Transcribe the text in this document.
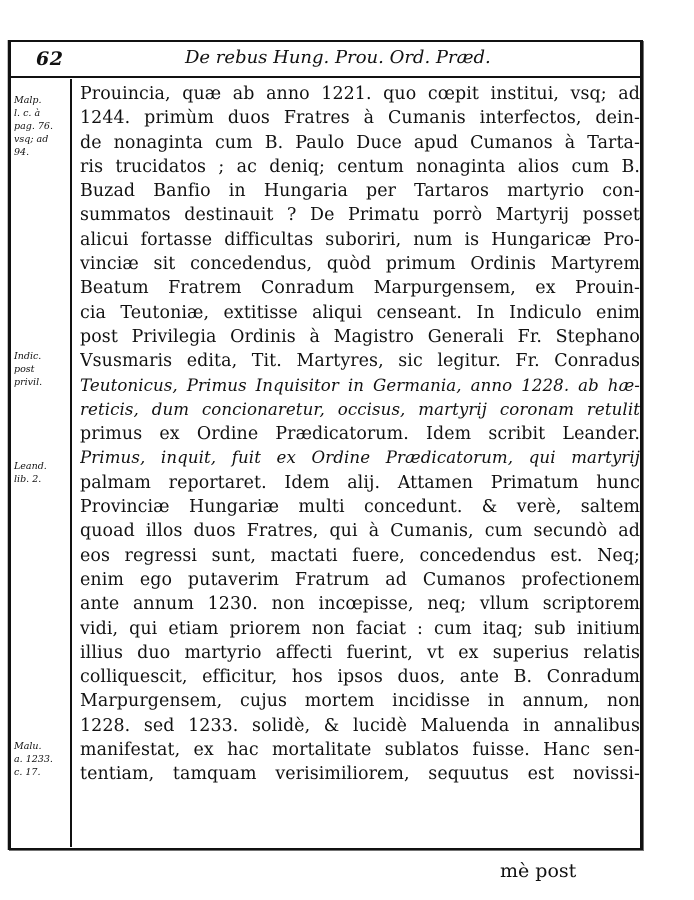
62	De rebus Hung. Prou. Ord. Præd.
Malp.
l. c. à
pag. 76.
vsq; ad
94.
Indic.
post
privil.
Leand.
lib. 2.
Malu.
a. 1233.
c. 17.
Prouincia, quæ ab anno 1221. quo cœpit institui, vsq; ad
1244. primùm duos Fratres à Cumanis interfectos, dein-
de nonaginta cum B. Paulo Duce apud Cumanos à Tarta-
ris trucidatos ; ac deniq; centum nonaginta alios cum B.
Buzad Banfio in Hungaria per Tartaros martyrio con-
summatos destinauit ? De Primatu porrò Martyrij posset
alicui fortasse difficultas suboriri, num is Hungaricæ Pro-
vinciæ sit concedendus, quòd primum Ordinis Martyrem
Beatum Fratrem Conradum Marpurgensem, ex Prouin-
cia Teutoniæ, extitisse aliqui censeant. In Indiculo enim
post Privilegia Ordinis à Magistro Generali Fr. Stephano
Vsusmaris edita, Tit. Martyres, sic legitur. Fr. Conradus
Teutonicus, Primus Inquisitor in Germania, anno 1228. ab hæ-
reticis, dum concionaretur, occisus, martyrij coronam retulit
primus ex Ordine Prædicatorum. Idem scribit Leander.
Primus, inquit, fuit ex Ordine Prædicatorum, qui martyrij
palmam reportaret. Idem alij. Attamen Primatum hunc
Provinciæ Hungariæ multi concedunt. & verè, saltem
quoad illos duos Fratres, qui à Cumanis, cum secundò ad
eos regressi sunt, mactati fuere, concedendus est. Neq;
enim ego putaverim Fratrum ad Cumanos profectionem
ante annum 1230. non incœpisse, neq; vllum scriptorem
vidi, qui etiam priorem non faciat : cum itaq; sub initium
illius duo martyrio affecti fuerint, vt ex superius relatis
colliquescit, efficitur, hos ipsos duos, ante B. Conradum
Marpurgensem, cujus mortem incidisse in annum, non
1228. sed 1233. solidè, & lucidè Maluenda in annalibus
manifestat, ex hac mortalitate sublatos fuisse. Hanc sen-
tentiam, tamquam verisimiliorem, sequutus est novissi-
mè post
